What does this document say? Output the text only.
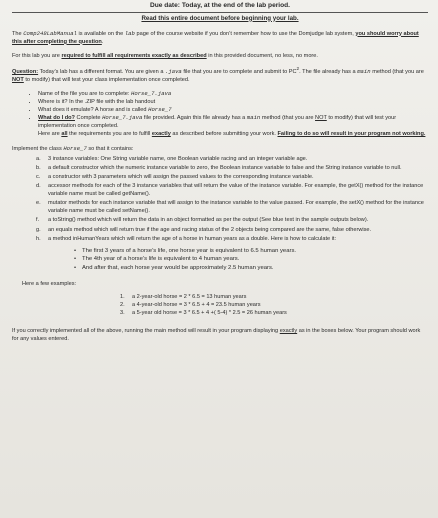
Due date: Today, at the end of the lab period.
Read this entire document before beginning your lab.

The Comp248LabManual is available on the lab page of the course website if you don’t remember how to use the Domjudge lab system, you should worry about this after completing the question.

For this lab you are required to fulfill all requirements exactly as described in this provided document, no less, no more.

Question: Today’s lab has a different format. You are given a .java file that you are to complete and submit to $PC^2$. The file already has a main method (that you are NOT to modify) that will test your class implementation once completed.

• Name of the file you are to complete: Horse_7.java
• Where is it? In the .ZIP file with the lab handout
• What does it emulate? A horse and is called Horse_7
• What do I do? Complete Horse_7.java file provided. Again this file already has a main method (that you are NOT to modify) that will test your implementation once completed.
Here are all the requirements you are to fulfill exactly as described before submitting your work. Failing to do so will result in your program not working.
Implement the class Horse_7 so that it contains:
a. 3 instance variables: One String variable name, one Boolean variable racing and an integer variable age.
b. a default constructor which the numeric instance variable to zero, the Boolean instance variable to false and the String instance variable to null.
c. a constructor with 3 parameters which will assign the passed values to the corresponding instance variable.
d. accessor methods for each of the 3 instance variables that will return the value of the instance variable. For example, the getX() method for the instance variable name must be called getName().
e. mutator methods for each instance variable that will assign to the instance variable to the value passed. For example, the setX() method for the instance variable name must be called setName().
f. a toString() method which will return the data in an object formatted as per the output (See blue text in the sample outputs below).
g. an equals method which will return true if the age and racing status of the 2 objects being compared are the same, false otherwise.
h. a method inHumanYears which will return the age of a horse in human years as a double. Here is how to calculate it:
• The first 3 years of a horse’s life, one horse year is equivalent to 6.5 human years.
• The 4th year of a horse’s life is equivalent to 4 human years.
• And after that, each horse year would be approximately 2.5 human years.
Here a few examples:
1. a 2-year-old horse = 2 * 6.5 = 13 human years
2. a 4-year-old horse = 3 * 6.5 + 4 = 23.5 human years
3. a 5-year old horse = 3 * 6.5 + 4 +( 5-4) * 2.5 = 26 human years

If you correctly implemented all of the above, running the main method will result in your program displaying exactly as in the boxes below. Your program should work for any values entered.
